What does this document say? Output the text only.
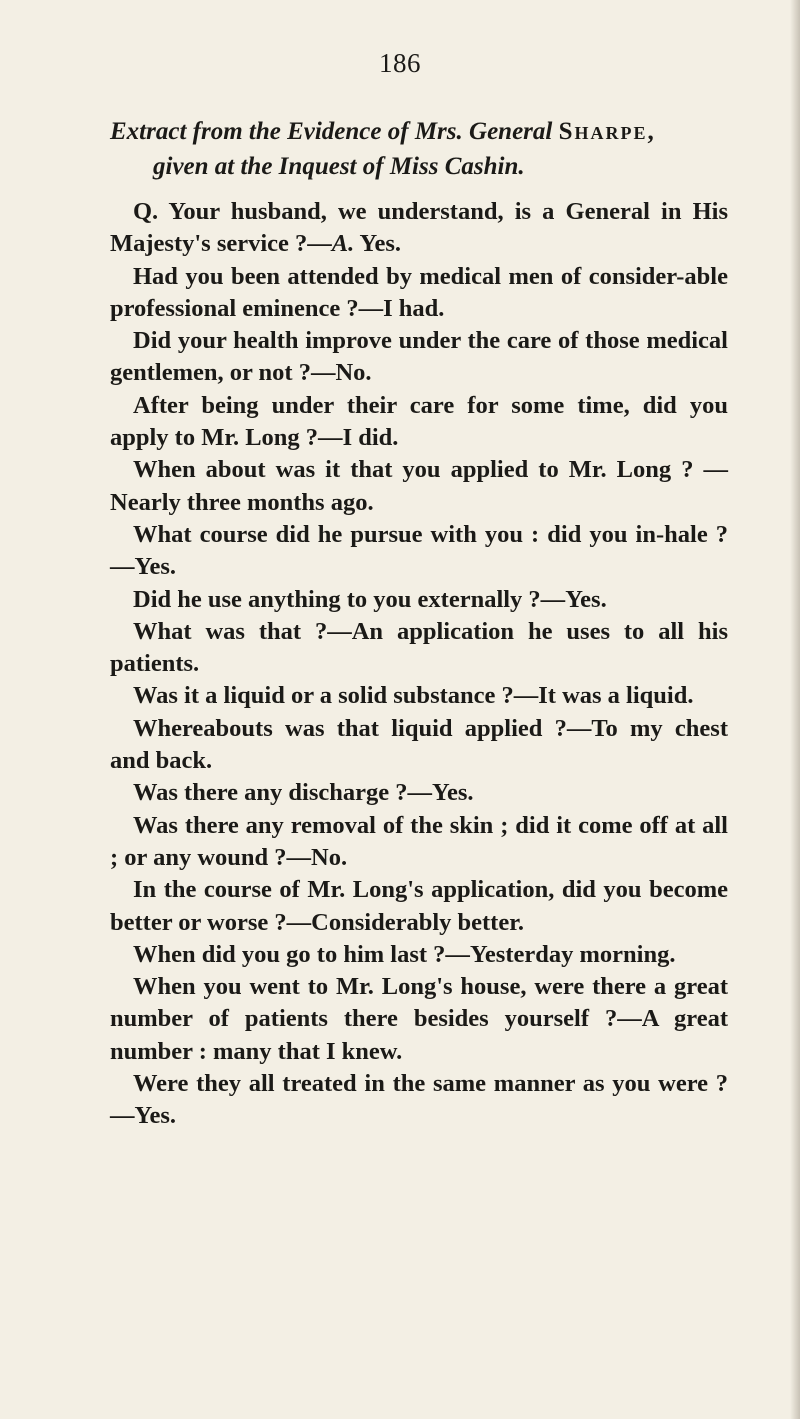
186
Extract from the Evidence of Mrs. General Sharpe,
given at the Inquest of Miss Cashin.

Q. Your husband, we understand, is a General in His Majesty's service ?—A. Yes.

Had you been attended by medical men of consider-able professional eminence ?—I had.

Did your health improve under the care of those medical gentlemen, or not ?—No.

After being under their care for some time, did you apply to Mr. Long ?—I did.

When about was it that you applied to Mr. Long ? —Nearly three months ago.

What course did he pursue with you : did you in-hale ?—Yes.

Did he use anything to you externally ?—Yes.

What was that ?—An application he uses to all his patients.

Was it a liquid or a solid substance ?—It was a liquid.

Whereabouts was that liquid applied ?—To my chest and back.

Was there any discharge ?—Yes.

Was there any removal of the skin ; did it come off at all ; or any wound ?—No.

In the course of Mr. Long's application, did you become better or worse ?—Considerably better.

When did you go to him last ?—Yesterday morning.

When you went to Mr. Long's house, were there a great number of patients there besides yourself ?—A great number : many that I knew.

Were they all treated in the same manner as you were ?—Yes.
